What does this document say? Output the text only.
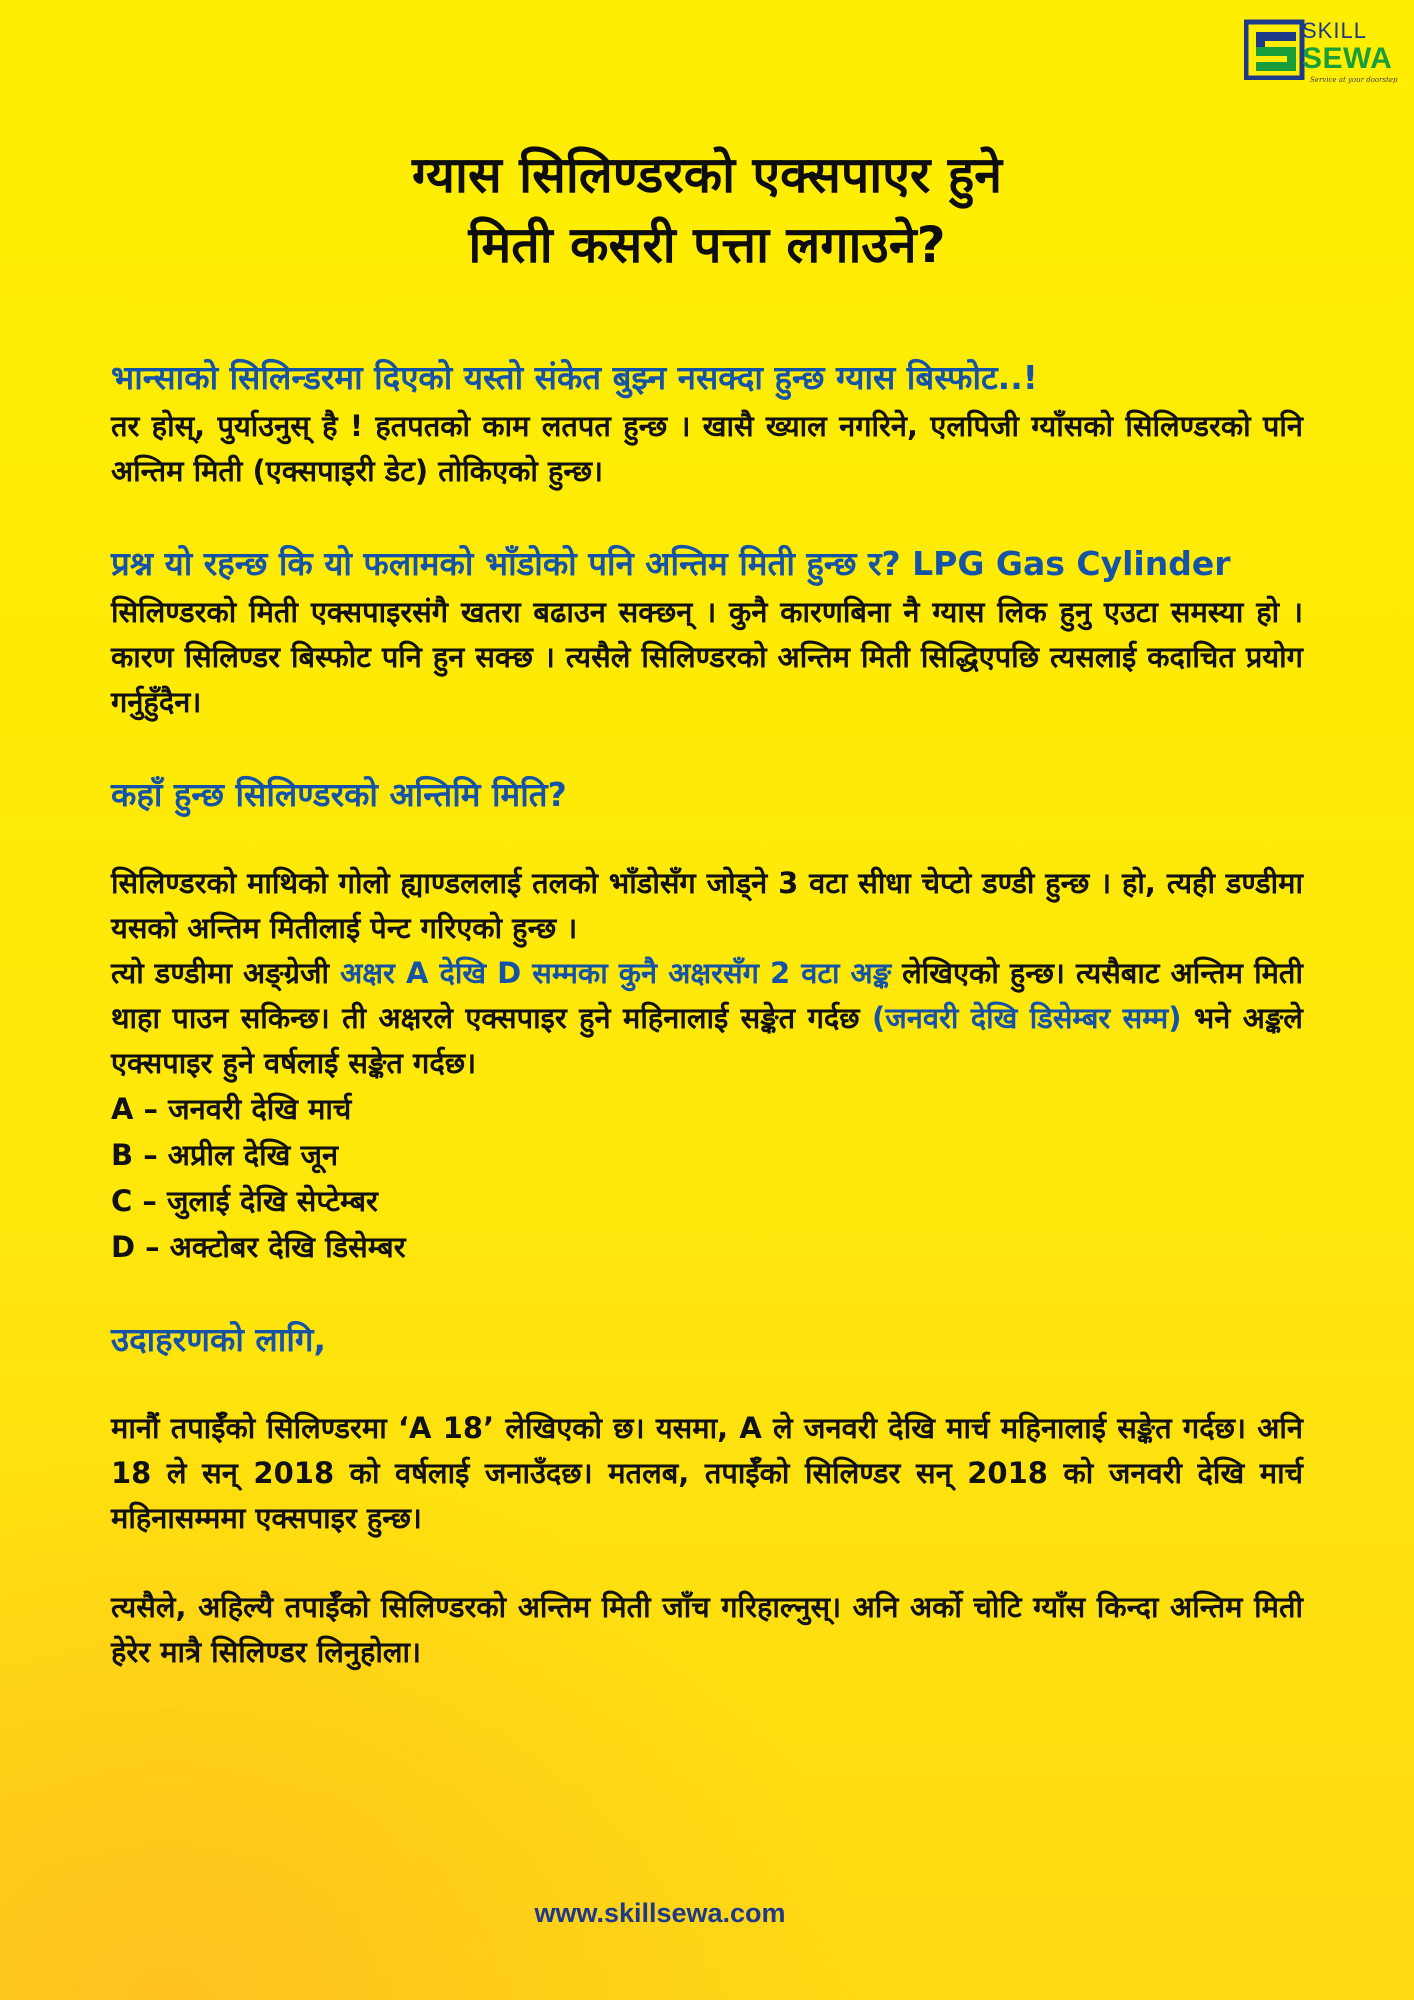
SKILL
SEWA
Service at your doorstep
ग्यास सिलिण्डरको एक्सपाएर हुने
मिती कसरी पत्ता लगाउने?

भान्साको सिलिन्डरमा दिएको यस्तो संकेत बुझ्न नसक्दा हुन्छ ग्यास बिस्फोट..!

तर होस्, पुर्याउनुस् है ! हतपतको काम लतपत हुन्छ । खासै ख्याल नगरिने, एलपिजी ग्याँसको सिलिण्डरको पनि अन्तिम मिती (एक्सपाइरी डेट) तोकिएको हुन्छ।

प्रश्न यो रहन्छ कि यो फलामको भाँडोको पनि अन्तिम मिती हुन्छ र? LPG Gas Cylinder

सिलिण्डरको मिती एक्सपाइरसंगै खतरा बढाउन सक्छन् । कुनै कारणबिना नै ग्यास लिक हुनु एउटा समस्या हो । कारण सिलिण्डर बिस्फोट पनि हुन सक्छ । त्यसैले सिलिण्डरको अन्तिम मिती सिद्धिएपछि त्यसलाई कदाचित प्रयोग गर्नुहुँदैन।

कहाँ हुन्छ सिलिण्डरको अन्तिमि मिति?

सिलिण्डरको माथिको गोलो ह्याण्डललाई तलको भाँडोसँग जोड्ने 3 वटा सीधा चेप्टो डण्डी हुन्छ । हो, त्यही डण्डीमा यसको अन्तिम मितीलाई पेन्ट गरिएको हुन्छ ।

त्यो डण्डीमा अङ्ग्रेजी अक्षर A देखि D सम्मका कुनै अक्षरसँग 2 वटा अङ्क लेखिएको हुन्छ। त्यसैबाट अन्तिम मिती थाहा पाउन सकिन्छ। ती अक्षरले एक्सपाइर हुने महिनालाई सङ्केत गर्दछ (जनवरी देखि डिसेम्बर सम्म) भने अङ्कले एक्सपाइर हुने वर्षलाई सङ्केत गर्दछ।

A – जनवरी देखि मार्च
B – अप्रील देखि जून
C – जुलाई देखि सेप्टेम्बर
D – अक्टोबर देखि डिसेम्बर

उदाहरणको लागि,

मानौं तपाईँको सिलिण्डरमा ‘A 18’ लेखिएको छ। यसमा, A ले जनवरी देखि मार्च महिनालाई सङ्केत गर्दछ। अनि 18 ले सन् 2018 को वर्षलाई जनाउँदछ। मतलब, तपाईँको सिलिण्डर सन् 2018 को जनवरी देखि मार्च महिनासम्ममा एक्सपाइर हुन्छ।

त्यसैले, अहिल्यै तपाईँको सिलिण्डरको अन्तिम मिती जाँच गरिहाल्नुस्। अनि अर्को चोटि ग्याँस किन्दा अन्तिम मिती हेरेर मात्रै सिलिण्डर लिनुहोला।

www.skillsewa.com
